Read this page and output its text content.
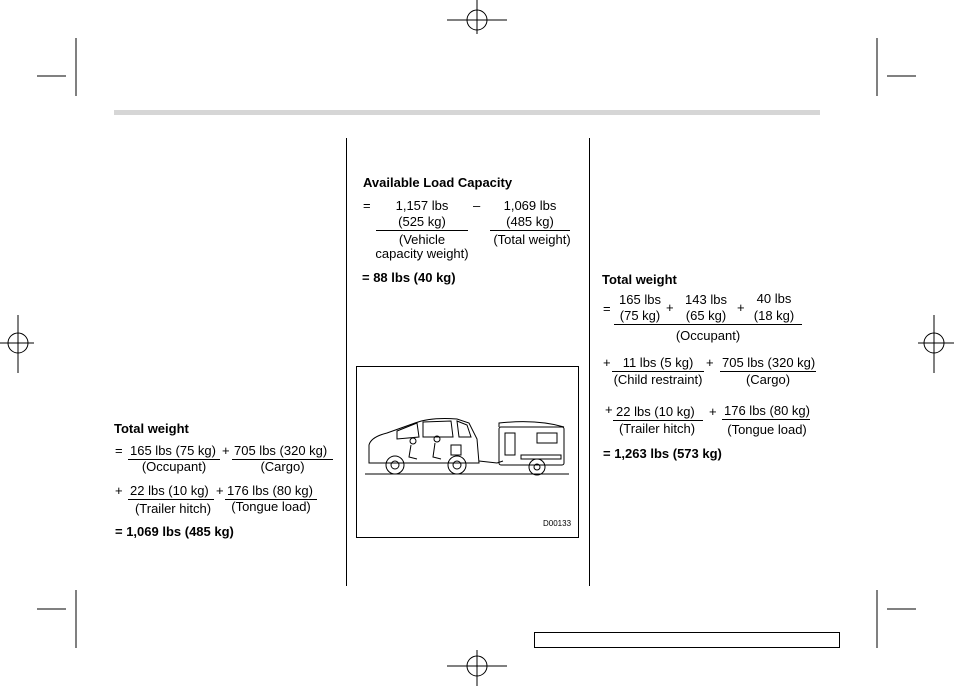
Total weight
= 165 lbs (75 kg) + 705 lbs (320 kg)
(Occupant)	(Cargo)
+ 22 lbs (10 kg) + 176 lbs (80 kg)
(Trailer hitch)	(Tongue load)
= 1,069 lbs (485 kg)
Available Load Capacity
=	1,157 lbs
(525 kg)
(Vehicle
capacity weight)
–	1,069 lbs
(485 kg)
(Total weight)
= 88 lbs (40 kg)
D00133
Total weight
=
165 lbs
(75 kg)
+
143 lbs
(65 kg)
+
40 lbs
(18 kg)
(Occupant)
+ 11 lbs (5 kg) + 705 lbs (320 kg)
(Child restraint)	(Cargo)
+ 22 lbs (10 kg) + 176 lbs (80 kg)
(Trailer hitch)	(Tongue load)
= 1,263 lbs (573 kg)
